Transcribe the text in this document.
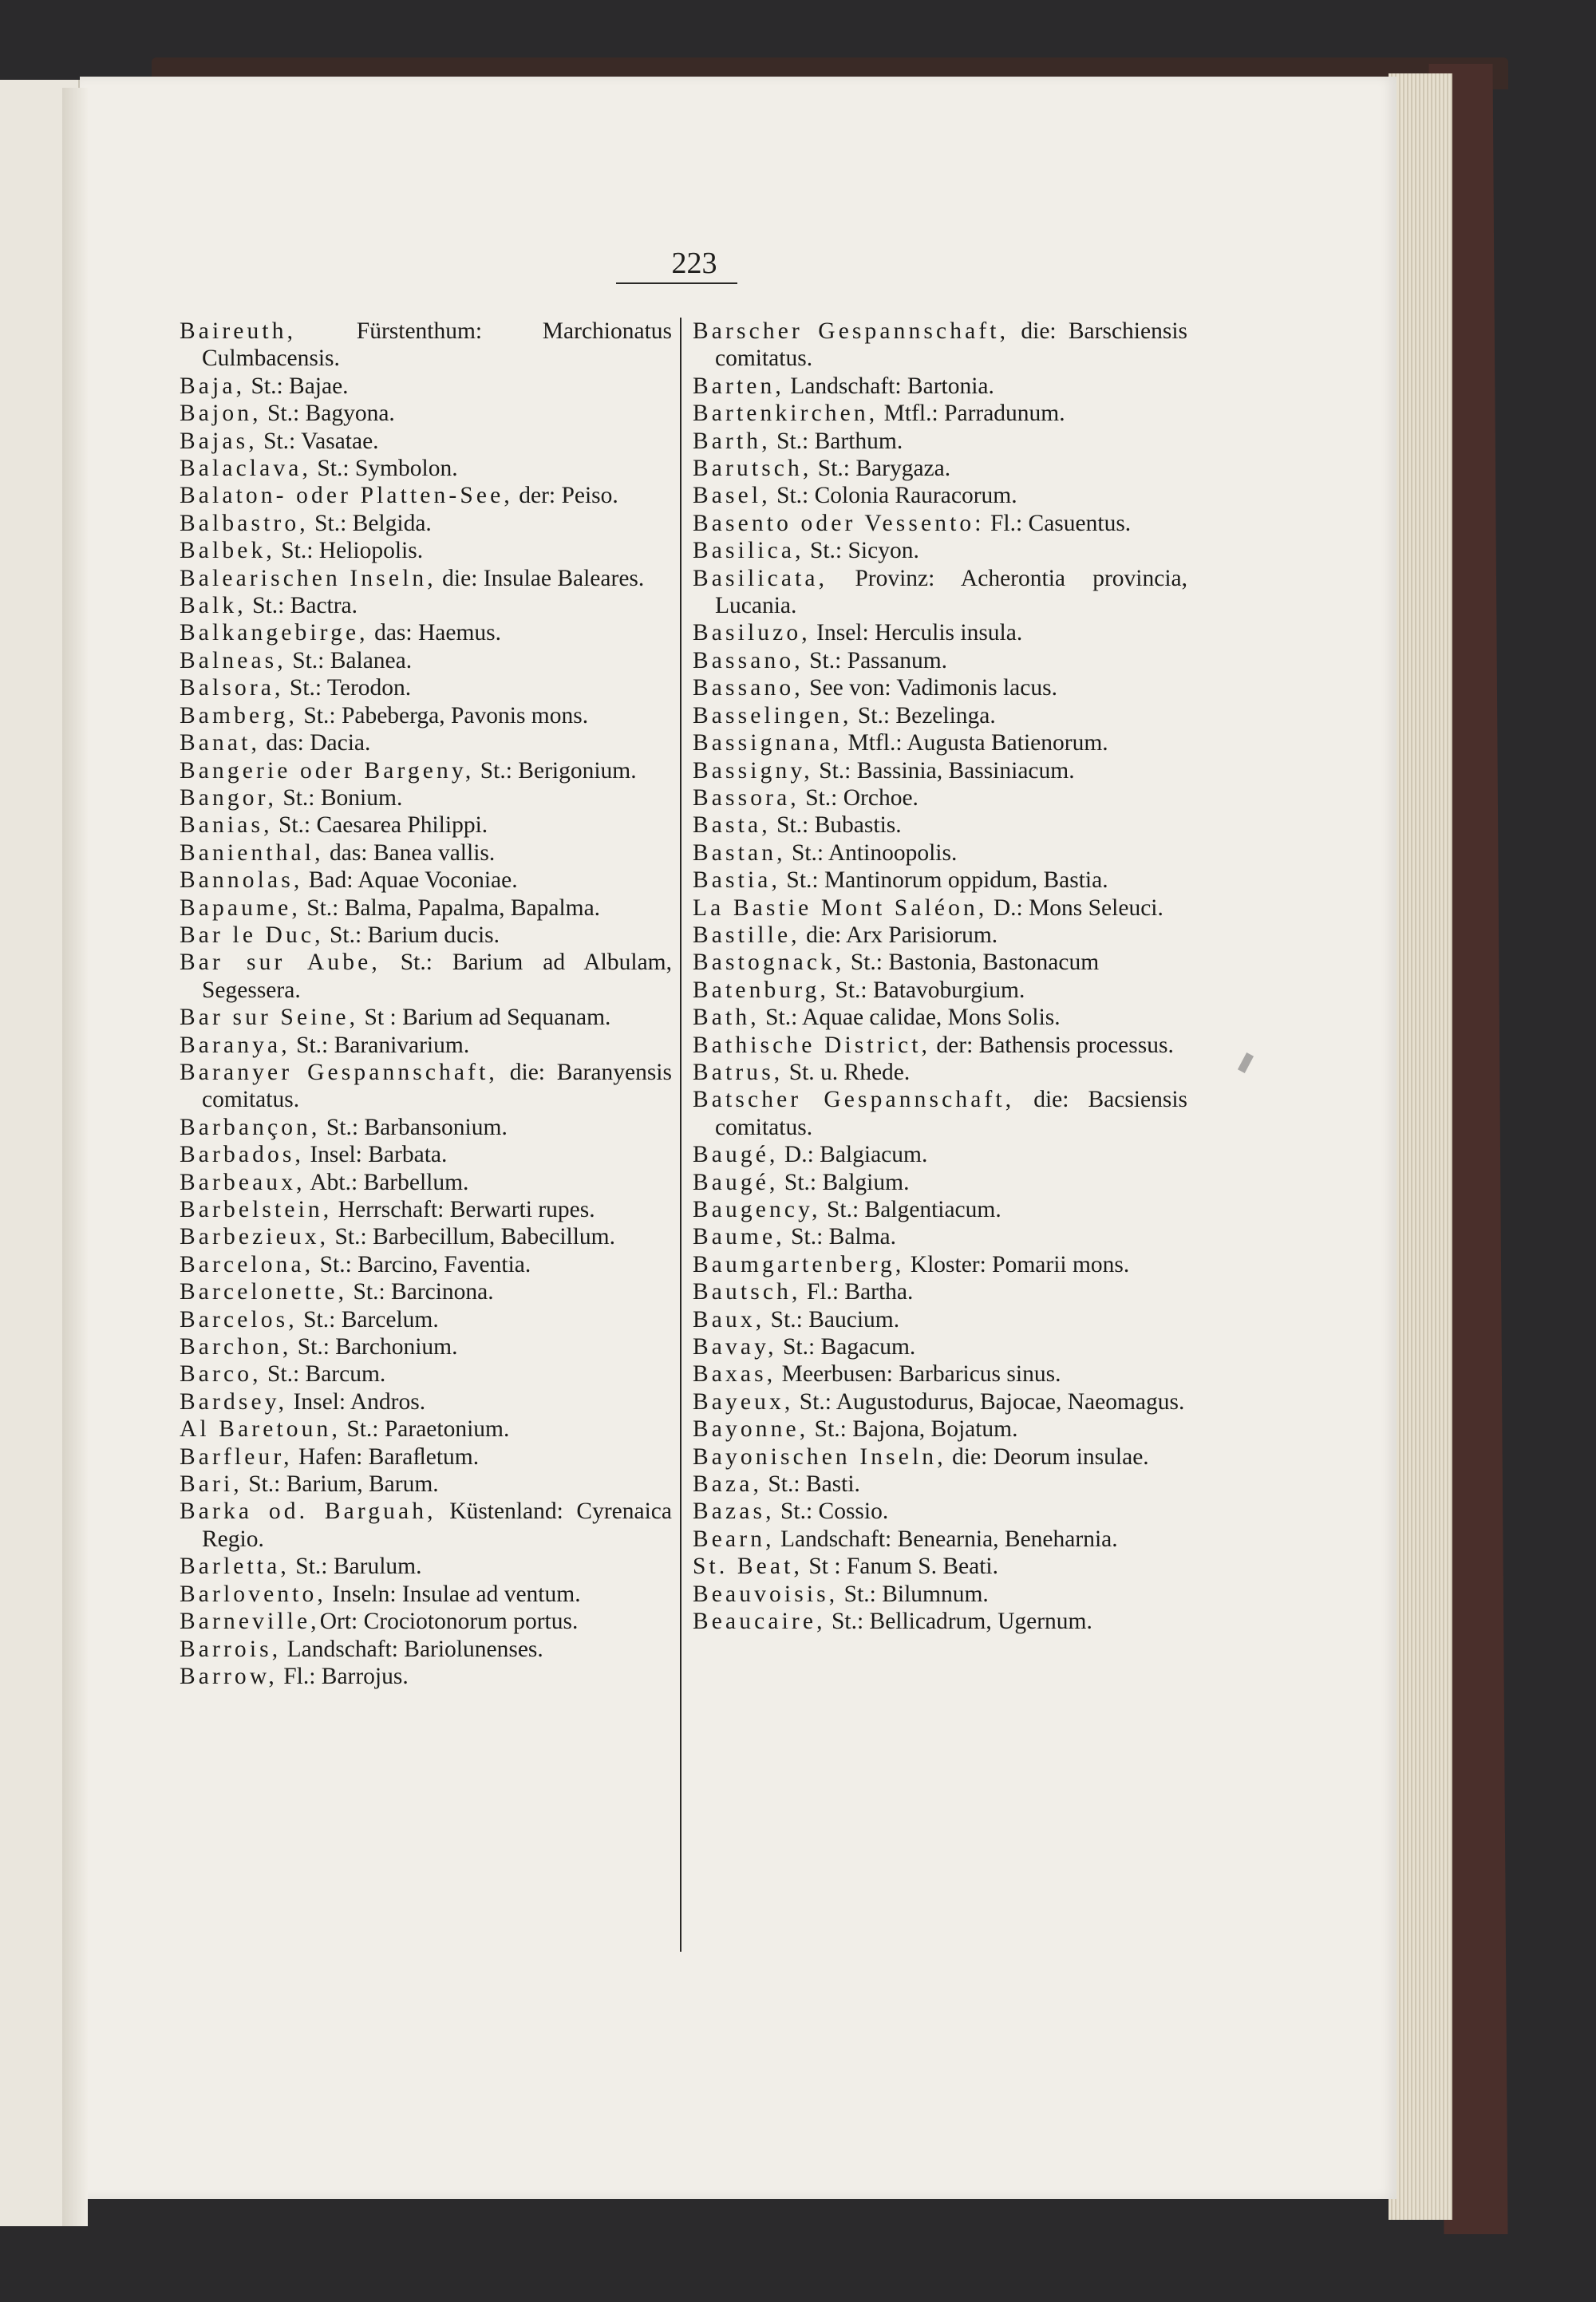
223

Baireuth, Fürstenthum: Marchionatus Culmbacensis.

Baja, St.: Bajae.

Bajon, St.: Bagyona.

Bajas, St.: Vasatae.

Balaclava, St.: Symbolon.

Balaton- oder Platten-See, der: Peiso.

Balbastro, St.: Belgida.

Balbek, St.: Heliopolis.

Balearischen Inseln, die: Insulae Baleares.

Balk, St.: Bactra.

Balkangebirge, das: Haemus.

Balneas, St.: Balanea.

Balsora, St.: Terodon.

Bamberg, St.: Pabeberga, Pavonis mons.

Banat, das: Dacia.

Bangerie oder Bargeny, St.: Berigonium.

Bangor, St.: Bonium.

Banias, St.: Caesarea Philippi.

Banienthal, das: Banea vallis.

Bannolas, Bad: Aquae Voconiae.

Bapaume, St.: Balma, Papalma, Bapalma.

Bar le Duc, St.: Barium ducis.

Bar sur Aube, St.: Barium ad Albulam, Segessera.

Bar sur Seine, St : Barium ad Sequanam.

Baranya, St.: Baranivarium.

Baranyer Gespannschaft, die: Baranyensis comitatus.

Barbançon, St.: Barbansonium.

Barbados, Insel: Barbata.

Barbeaux, Abt.: Barbellum.

Barbelstein, Herrschaft: Berwarti rupes.

Barbezieux, St.: Barbecillum, Babecillum.

Barcelona, St.: Barcino, Faventia.

Barcelonette, St.: Barcinona.

Barcelos, St.: Barcelum.

Barchon, St.: Barchonium.

Barco, St.: Barcum.

Bardsey, Insel: Andros.

Al Baretoun, St.: Paraetonium.

Barfleur, Hafen: Baraﬂetum.

Bari, St.: Barium, Barum.

Barka od. Barguah, Küstenland: Cyrenaica Regio.

Barletta, St.: Barulum.

Barlovento, Inseln: Insulae ad ventum.

Barneville,Ort: Crociotonorum portus.

Barrois, Landschaft: Bariolunenses.

Barrow, Fl.: Barrojus.

Barscher Gespannschaft, die: Barschiensis comitatus.

Barten, Landschaft: Bartonia.

Bartenkirchen, Mtfl.: Parradunum.

Barth, St.: Barthum.

Barutsch, St.: Barygaza.

Basel, St.: Colonia Rauracorum.

Basento oder Vessento: Fl.: Casuentus.

Basilica, St.: Sicyon.

Basilicata, Provinz: Acherontia provincia, Lucania.

Basiluzo, Insel: Herculis insula.

Bassano, St.: Passanum.

Bassano, See von: Vadimonis lacus.

Basselingen, St.: Bezelinga.

Bassignana, Mtfl.: Augusta Batienorum.

Bassigny, St.: Bassinia, Bassiniacum.

Bassora, St.: Orchoe.

Basta, St.: Bubastis.

Bastan, St.: Antinoopolis.

Bastia, St.: Mantinorum oppidum, Bastia.

La Bastie Mont Saléon, D.: Mons Seleuci.

Bastille, die: Arx Parisiorum.

Bastognack, St.: Bastonia, Bastonacum

Batenburg, St.: Batavoburgium.

Bath, St.: Aquae calidae, Mons Solis.

Bathische District, der: Bathensis processus.

Batrus, St. u. Rhede.

Batscher Gespannschaft, die: Bacsiensis comitatus.

Baugé, D.: Balgiacum.

Baugé, St.: Balgium.

Baugency, St.: Balgentiacum.

Baume, St.: Balma.

Baumgartenberg, Kloster: Pomarii mons.

Bautsch, Fl.: Bartha.

Baux, St.: Baucium.

Bavay, St.: Bagacum.

Baxas, Meerbusen: Barbaricus sinus.

Bayeux, St.: Augustodurus, Bajocae, Naeomagus.

Bayonne, St.: Bajona, Bojatum.

Bayonischen Inseln, die: Deorum insulae.

Baza, St.: Basti.

Bazas, St.: Cossio.

Bearn, Landschaft: Benearnia, Beneharnia.

St. Beat, St : Fanum S. Beati.

Beauvoisis, St.: Bilumnum.

Beaucaire, St.: Bellicadrum, Ugernum.
